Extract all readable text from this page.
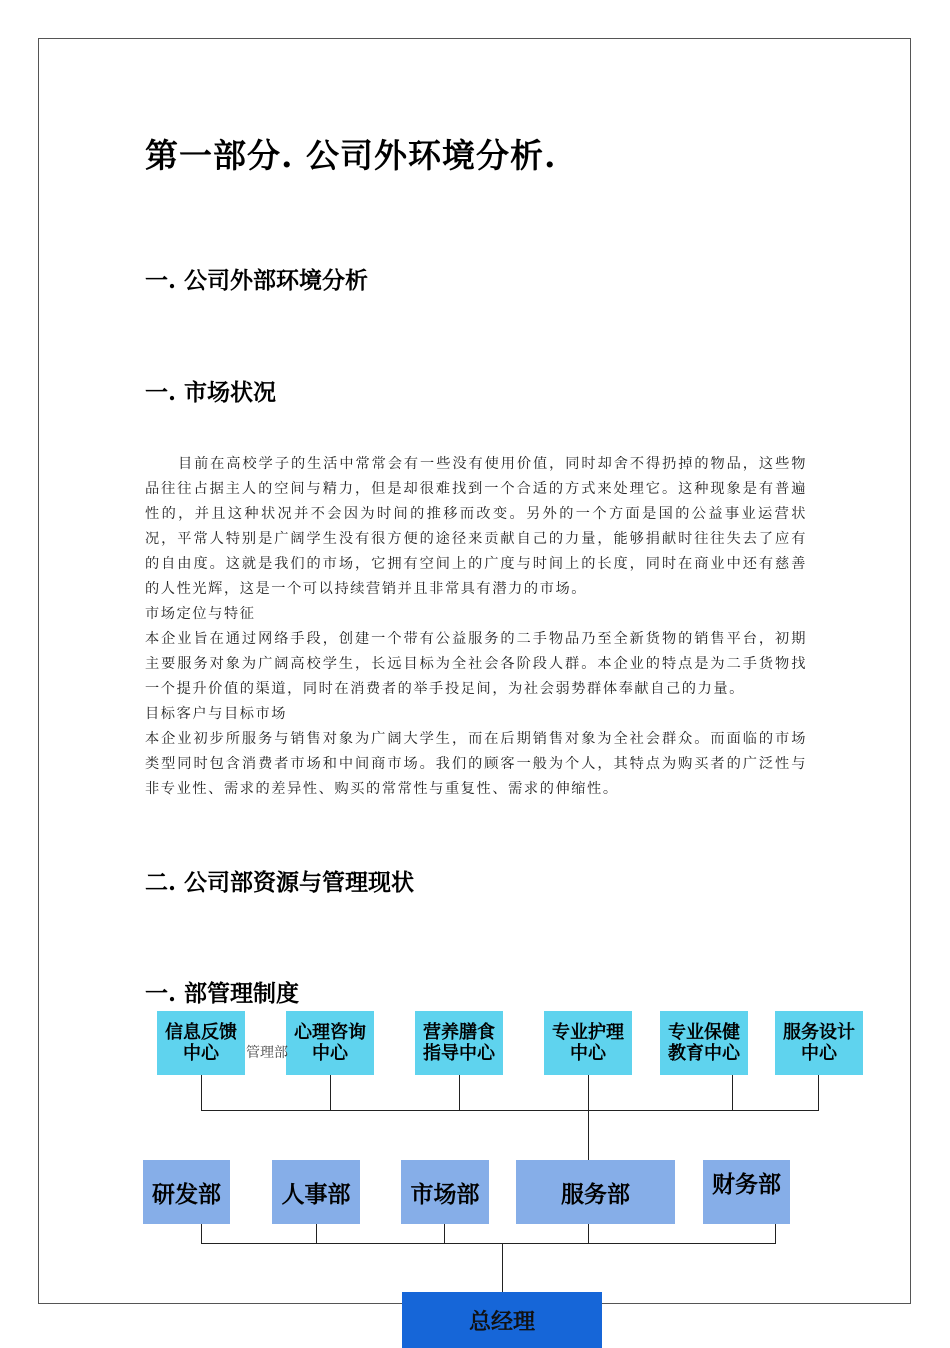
第一部分. 公司外环境分析.
一. 公司外部环境分析
一. 市场状况

目前在高校学子的生活中常常会有一些没有使用价值，同时却舍不得扔掉的物品，这些物品往往占据主人的空间与精力，但是却很难找到一个合适的方式来处理它。这种现象是有普遍性的，并且这种状况并不会因为时间的推移而改变。另外的一个方面是国的公益事业运营状况，平常人特别是广阔学生没有很方便的途径来贡献自己的力量，能够捐献时往往失去了应有的自由度。这就是我们的市场，它拥有空间上的广度与时间上的长度，同时在商业中还有慈善的人性光辉，这是一个可以持续营销并且非常具有潜力的市场。

市场定位与特征

本企业旨在通过网络手段，创建一个带有公益服务的二手物品乃至全新货物的销售平台，初期主要服务对象为广阔高校学生，长远目标为全社会各阶段人群。本企业的特点是为二手货物找一个提升价值的渠道，同时在消费者的举手投足间，为社会弱势群体奉献自己的力量。

目标客户与目标市场

本企业初步所服务与销售对象为广阔大学生，而在后期销售对象为全社会群众。而面临的市场类型同时包含消费者市场和中间商市场。我们的顾客一般为个人，其特点为购买者的广泛性与非专业性、需求的差异性、购买的常常性与重复性、需求的伸缩性。

二. 公司部资源与管理现状
一. 部管理制度
信息反馈
中心
心理咨询
中心
营养膳食
指导中心
专业护理
中心
专业保健
教育中心
服务设计
中心
管理部
研发部	人事部	市场部	服务部	财务部
总经理
